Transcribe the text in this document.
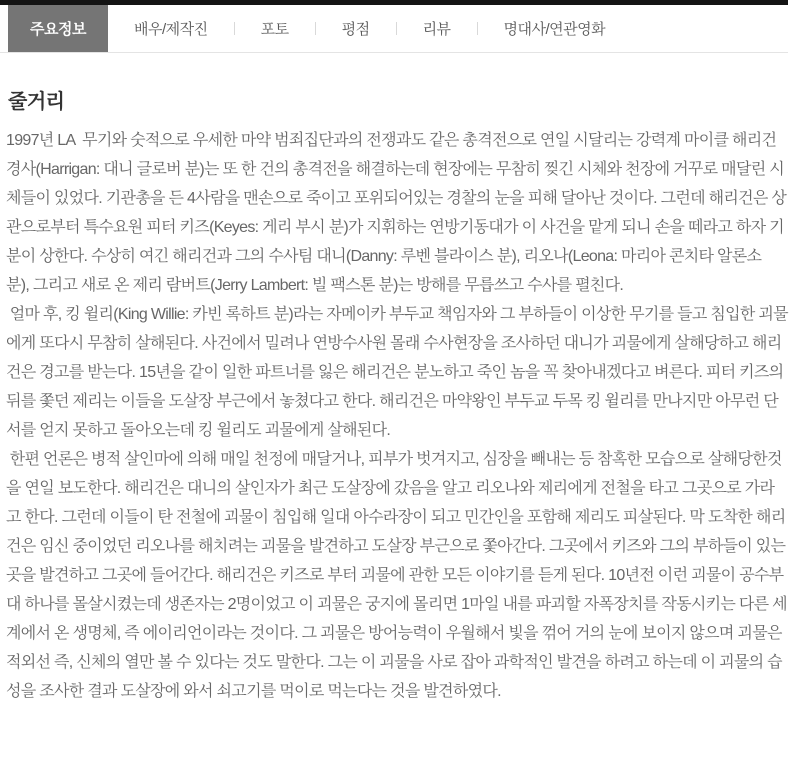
주요정보	배우/제작진	포토	평점	리뷰	명대사/연관영화
줄거리

1997년 LA  무기와 숫적으로 우세한 마약 범죄집단과의 전쟁과도 같은 총격전으로 연일 시달리는 강력계 마이클 해리건 경사(Harrigan: 대니 글로버 분)는 또 한 건의 총격전을 해결하는데 현장에는 무참히 찢긴 시체와 천장에 거꾸로 매달린 시체들이 있었다. 기관총을 든 4사람을 맨손으로 죽이고 포위되어있는 경찰의 눈을 피해 달아난 것이다. 그런데 해리건은 상관으로부터 특수요원 피터 키즈(Keyes: 게리 부시 분)가 지휘하는 연방기동대가 이 사건을 맡게 되니 손을 떼라고 하자 기분이 상한다. 수상히 여긴 해리건과 그의 수사팀 대니(Danny: 루벤 블라이스 분), 리오나(Leona: 마리아 콘치타 알론소 분), 그리고 새로 온 제리 람버트(Jerry Lambert: 빌 팩스톤 분)는 방해를 무릅쓰고 수사를 펼친다.

얼마 후, 킹 윌리(King Willie: 카빈 록하트 분)라는 자메이카 부두교 책임자와 그 부하들이 이상한 무기를 들고 침입한 괴물에게 또다시 무참히 살해된다. 사건에서 밀려나 연방수사원 몰래 수사현장을 조사하던 대니가 괴물에게 살해당하고 해리건은 경고를 받는다. 15년을 같이 일한 파트너를 잃은 해리건은 분노하고 죽인 놈을 꼭 찾아내겠다고 벼른다. 피터 키즈의 뒤를 쫓던 제리는 이들을 도살장 부근에서 놓쳤다고 한다. 해리건은 마약왕인 부두교 두목 킹 윌리를 만나지만 아무런 단서를 얻지 못하고 돌아오는데 킹 윌리도 괴물에게 살해된다.

한편 언론은 병적 살인마에 의해 매일 천정에 매달거나, 피부가 벗겨지고, 심장을 빼내는 등 참혹한 모습으로 살해당한것을 연일 보도한다. 해리건은 대니의 살인자가 최근 도살장에 갔음을 알고 리오나와 제리에게 전철을 타고 그곳으로 가라고 한다. 그런데 이들이 탄 전철에 괴물이 침입해 일대 아수라장이 되고 민간인을 포함해 제리도 피살된다. 막 도착한 해리건은 임신 중이었던 리오나를 해치려는 괴물을 발견하고 도살장 부근으로 쫓아간다. 그곳에서 키즈와 그의 부하들이 있는 곳을 발견하고 그곳에 들어간다. 해리건은 키즈로 부터 괴물에 관한 모든 이야기를 듣게 된다. 10년전 이런 괴물이 공수부대 하나를 몰살시켰는데 생존자는 2명이었고 이 괴물은 궁지에 몰리면 1마일 내를 파괴할 자폭장치를 작동시키는 다른 세계에서 온 생명체, 즉 에이리언이라는 것이다. 그 괴물은 방어능력이 우월해서 빛을 꺾어 거의 눈에 보이지 않으며 괴물은 적외선 즉, 신체의 열만 볼 수 있다는 것도 말한다. 그는 이 괴물을 사로 잡아 과학적인 발견을 하려고 하는데 이 괴물의 습성을 조사한 결과 도살장에 와서 쇠고기를 먹이로 먹는다는 것을 발견하였다.
